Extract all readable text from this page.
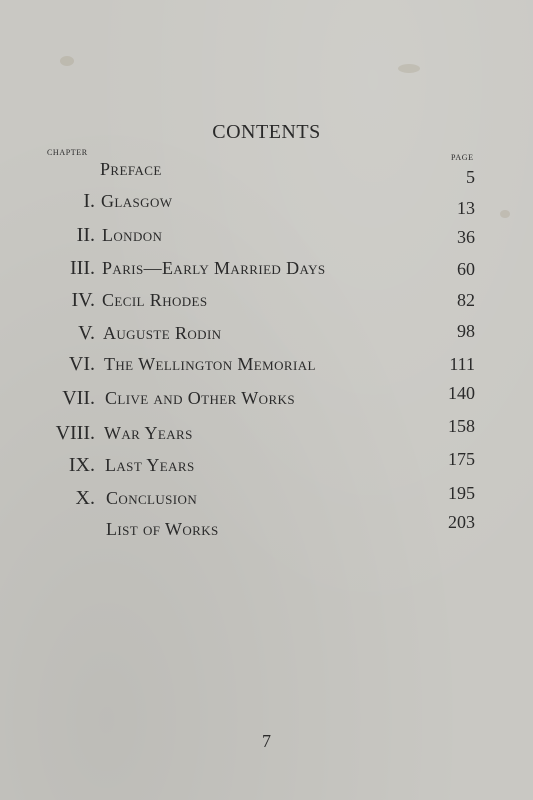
CONTENTS
CHAPTER
PAGE
Preface	5
I. Glasgow	13
II. London	36
III. Paris—Early Married Days	60
IV. Cecil Rhodes	82
V. Auguste Rodin	98
VI. The Wellington Memorial	111
VII. Clive and Other Works	140
VIII. War Years	158
IX. Last Years	175
X. Conclusion	195
List of Works	203
7
